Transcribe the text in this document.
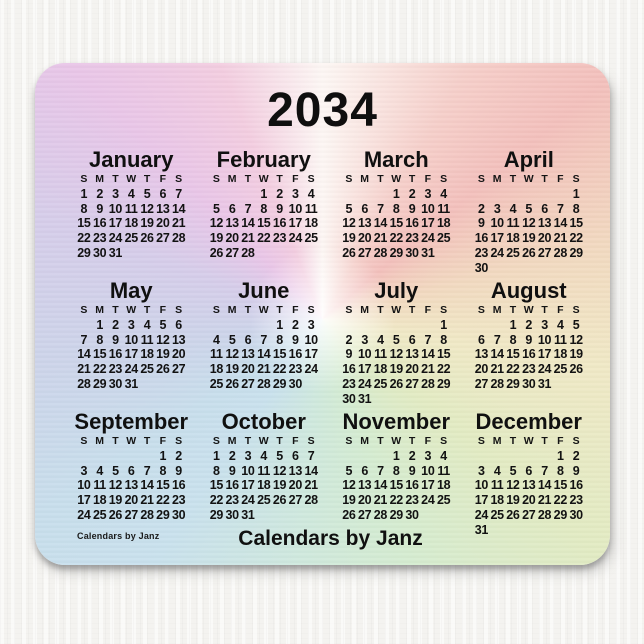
2034
January
S M T W T F S
1 2 3 4 5 6 7
8 9 10 11 12 13 14
15 16 17 18 19 20 21
22 23 24 25 26 27 28
29 30 31
February
S M T W T F S
1 2 3 4
5 6 7 8 9 10 11
12 13 14 15 16 17 18
19 20 21 22 23 24 25
26 27 28
March
S M T W T F S
1 2 3 4
5 6 7 8 9 10 11
12 13 14 15 16 17 18
19 20 21 22 23 24 25
26 27 28 29 30 31
April
S M T W T F S
1
2 3 4 5 6 7 8
9 10 11 12 13 14 15
16 17 18 19 20 21 22
23 24 25 26 27 28 29
30
May
S M T W T F S
1 2 3 4 5 6
7 8 9 10 11 12 13
14 15 16 17 18 19 20
21 22 23 24 25 26 27
28 29 30 31
June
S M T W T F S
1 2 3
4 5 6 7 8 9 10
11 12 13 14 15 16 17
18 19 20 21 22 23 24
25 26 27 28 29 30
July
S M T W T F S
1
2 3 4 5 6 7 8
9 10 11 12 13 14 15
16 17 18 19 20 21 22
23 24 25 26 27 28 29
30 31
August
S M T W T F S
1 2 3 4 5
6 7 8 9 10 11 12
13 14 15 16 17 18 19
20 21 22 23 24 25 26
27 28 29 30 31
September
S M T W T F S
1 2
3 4 5 6 7 8 9
10 11 12 13 14 15 16
17 18 19 20 21 22 23
24 25 26 27 28 29 30
October
S M T W T F S
1 2 3 4 5 6 7
8 9 10 11 12 13 14
15 16 17 18 19 20 21
22 23 24 25 26 27 28
29 30 31
November
S M T W T F S
1 2 3 4
5 6 7 8 9 10 11
12 13 14 15 16 17 18
19 20 21 22 23 24 25
26 27 28 29 30
December
S M T W T F S
1 2
3 4 5 6 7 8 9
10 11 12 13 14 15 16
17 18 19 20 21 22 23
24 25 26 27 28 29 30
31
Calendars by Janz	Calendars by Janz
